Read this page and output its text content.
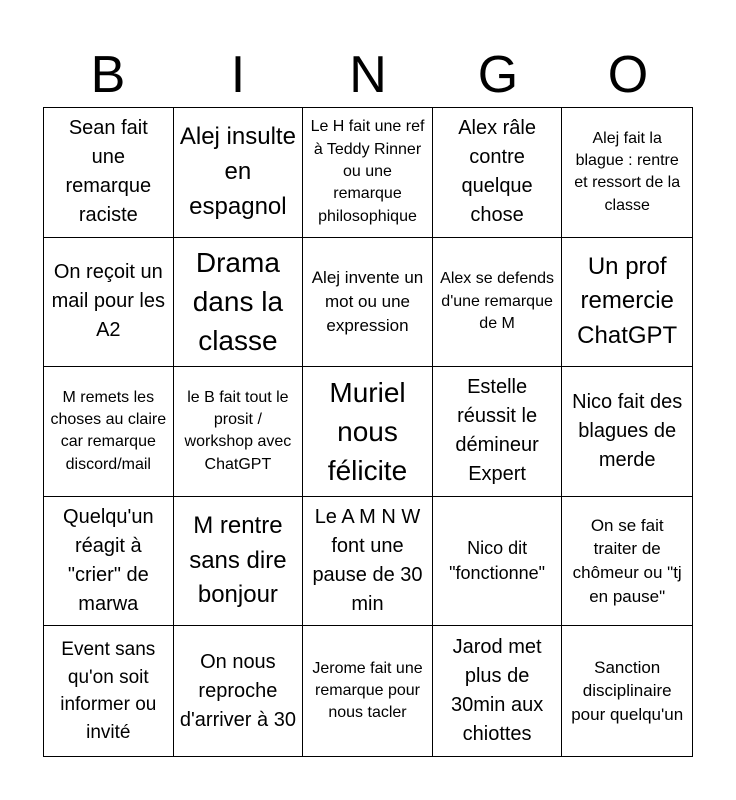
B	I	N	G	O
Sean fait une remarque raciste
Alej insulte en espagnol
Le H fait une ref à Teddy Rinner ou une remarque philosophique
Alex râle contre quelque chose
Alej fait la blague : rentre et ressort de la classe
On reçoit un mail pour les A2
Drama dans la classe
Alej invente un mot ou une expression
Alex se defends d'une remarque de M
Un prof remercie ChatGPT
M remets les choses au claire car remarque discord/mail
le B fait tout le prosit / workshop avec ChatGPT
Muriel nous félicite
Estelle réussit le démineur Expert
Nico fait des blagues de merde
Quelqu'un réagit à "crier" de marwa
M rentre sans dire bonjour
Le A M N W font une pause de 30 min
Nico dit "fonctionne"
On se fait traiter de chômeur ou "tj en pause"
Event sans qu'on soit informer ou invité
On nous reproche d'arriver à 30
Jerome fait une remarque pour nous tacler
Jarod met plus de 30min aux chiottes
Sanction disciplinaire pour quelqu'un
